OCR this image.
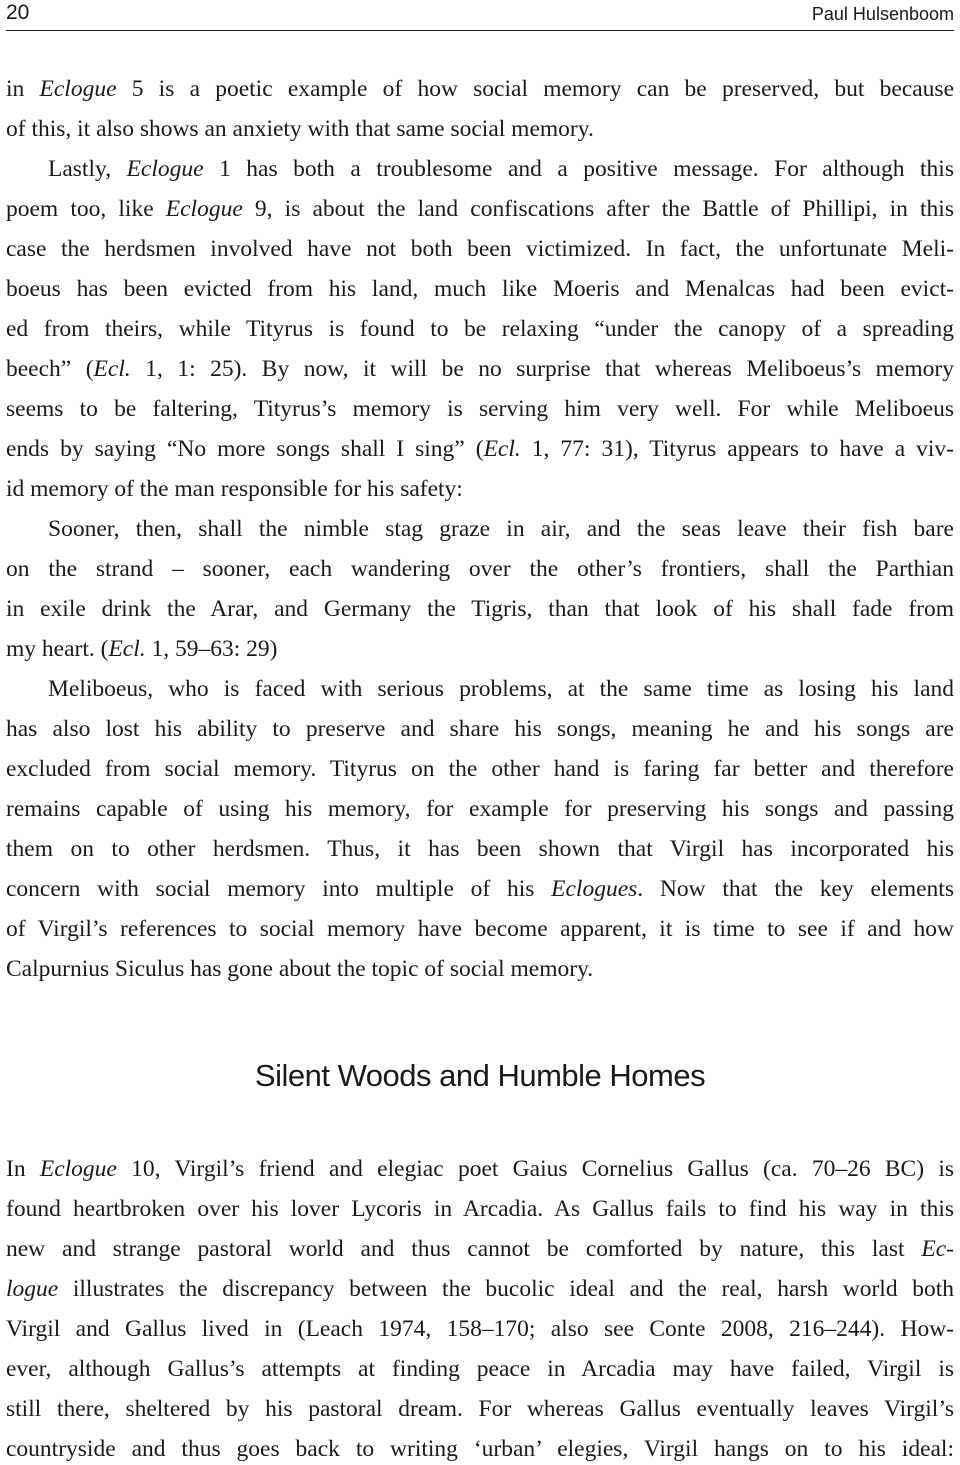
20	Paul Hulsenboom
in Eclogue 5 is a poetic example of how social memory can be preserved, but because
of this, it also shows an anxiety with that same social memory.
Lastly, Eclogue 1 has both a troublesome and a positive message. For although this
poem too, like Eclogue 9, is about the land confiscations after the Battle of Phillipi, in this
case the herdsmen involved have not both been victimized. In fact, the unfortunate Meli-
boeus has been evicted from his land, much like Moeris and Menalcas had been evict-
ed from theirs, while Tityrus is found to be relaxing “under the canopy of a spreading
beech” (Ecl. 1, 1: 25). By now, it will be no surprise that whereas Meliboeus’s memory
seems to be faltering, Tityrus’s memory is serving him very well. For while Meliboeus
ends by saying “No more songs shall I sing” (Ecl. 1, 77: 31), Tityrus appears to have a viv-
id memory of the man responsible for his safety:
Sooner, then, shall the nimble stag graze in air, and the seas leave their fish bare
on the strand – sooner, each wandering over the other’s frontiers, shall the Parthian
in exile drink the Arar, and Germany the Tigris, than that look of his shall fade from
my heart. (Ecl. 1, 59–63: 29)
Meliboeus, who is faced with serious problems, at the same time as losing his land
has also lost his ability to preserve and share his songs, meaning he and his songs are
excluded from social memory. Tityrus on the other hand is faring far better and therefore
remains capable of using his memory, for example for preserving his songs and passing
them on to other herdsmen. Thus, it has been shown that Virgil has incorporated his
concern with social memory into multiple of his Eclogues. Now that the key elements
of Virgil’s references to social memory have become apparent, it is time to see if and how
Calpurnius Siculus has gone about the topic of social memory.
Silent Woods and Humble Homes
In Eclogue 10, Virgil’s friend and elegiac poet Gaius Cornelius Gallus (ca. 70–26 BC) is
found heartbroken over his lover Lycoris in Arcadia. As Gallus fails to find his way in this
new and strange pastoral world and thus cannot be comforted by nature, this last Ec-
logue illustrates the discrepancy between the bucolic ideal and the real, harsh world both
Virgil and Gallus lived in (Leach 1974, 158–170; also see Conte 2008, 216–244). How-
ever, although Gallus’s attempts at finding peace in Arcadia may have failed, Virgil is
still there, sheltered by his pastoral dream. For whereas Gallus eventually leaves Virgil’s
countryside and thus goes back to writing ‘urban’ elegies, Virgil hangs on to his ideal:
